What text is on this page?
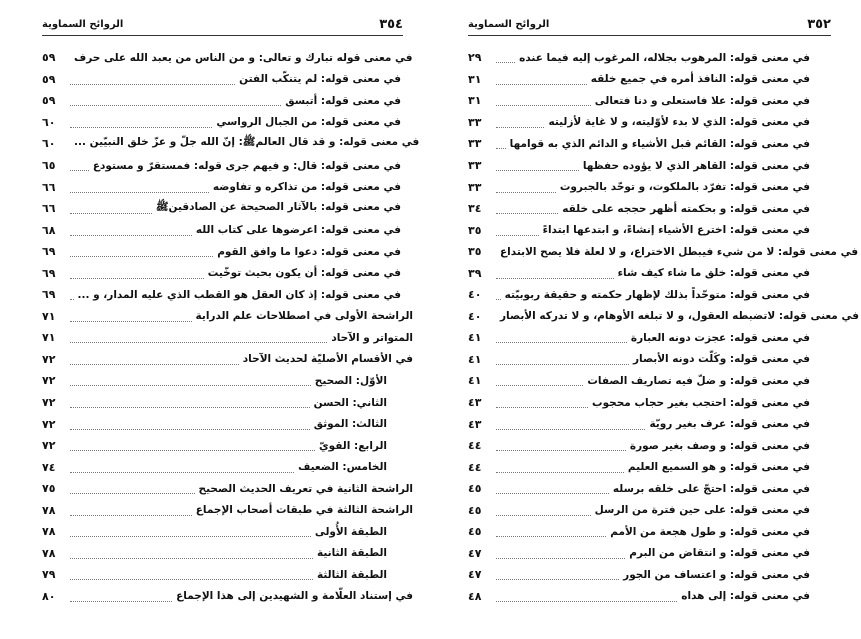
الروائح السماوية	٣٥٤
٥٩	في معنى قوله تبارك و تعالى: و من الناس من يعبد الله على حرف
٥٩	في معنى قوله: لم يتنكّب الفتن
٥٩	في معنى قوله: أتبسق
٦٠	في معنى قوله: من الجبال الرواسي
٦٠	في معنى قوله: و قد قال العالمﷺ: إنّ الله جلّ و عزّ خلق النبيّين ...
٦٥	في معنى قوله: قال: و فيهم جرى قوله: فمستقرّ و مستودع
٦٦	في معنى قوله: من تذاكره و تفاوضه
٦٦	في معنى قوله: بالآثار الصحيحة عن الصادقينﷺ
٦٨	في معنى قوله: اعرضوها على كتاب الله
٦٩	في معنى قوله: دعوا ما وافق القوم
٦٩	في معنى قوله: أن يكون بحيث توخّيت
٦٩	في معنى قوله: إذ كان العقل هو القطب الذي عليه المدار، و ...
٧١	الراشحة الأولى في اصطلاحات علم الدراية
٧١	المتواتر و الآحاد
٧٢	في الأقسام الأصليّة لحديث الآحاد
٧٢	الأوّل: الصحيح
٧٢	الثاني: الحسن
٧٢	الثالث: الموثق
٧٢	الرابع: القويّ
٧٤	الخامس: الضعيف
٧٥	الراشحة الثانية في تعريف الحديث الصحيح
٧٨	الراشحة الثالثة في طبقات أصحاب الإجماع
٧٨	الطبقة الأُولى
٧٨	الطبقة الثانية
٧٩	الطبقة الثالثة
٨٠	في إستناد العلّامة و الشهيدين إلى هذا الإجماع
الروائح السماوية	٣٥٢
٢٩	في معنى قوله: المرهوب بجلاله، المرغوب إليه فيما عنده
٣١	في معنى قوله: النافذ أمره في جميع خلقه
٣١	في معنى قوله: علا فاستعلى و دنا فتعالى
٣٣	في معنى قوله: الذي لا بدء لأوّليته، و لا غاية لأزليته
٣٣	في معنى قوله: القائم قبل الأشياء و الدائم الذي به قوامها
٣٣	في معنى قوله: القاهر الذي لا يؤوده حفظها
٣٣	في معنى قوله: تفرّد بالملكوت، و توحّد بالجبروت
٣٤	في معنى قوله: و بحكمته أظهر حججه على خلقه
٣٥	في معنى قوله: اخترع الأشياء إنشاءً، و ابتدعها ابتداءً
٣٥	في معنى قوله: لا من شيء فيبطل الاختراع، و لا لعلة فلا يصح الابتداع
٣٩	في معنى قوله: خلق ما شاء كيف شاء
٤٠	في معنى قوله: متوحّداً بذلك لإظهار حكمته و حقيقة ربوبيّته
٤٠	في معنى قوله: لاتضبطه العقول، و لا تبلغه الأوهام، و لا تدركه الأبصار
٤١	في معنى قوله: عجزت دونه العبارة
٤١	في معنى قوله: وكَلّت دونه الأبصار
٤١	في معنى قوله: و ضلّ فيه تصاريف الصفات
٤٣	في معنى قوله: احتجب بغير حجاب محجوب
٤٣	في معنى قوله: عرف بغير رويّة
٤٤	في معنى قوله: و وصف بغير صورة
٤٤	في معنى قوله: و هو السميع العليم
٤٥	في معنى قوله: احتجّ على خلقه برسله
٤٥	في معنى قوله: على حين فترة من الرسل
٤٥	في معنى قوله: و طول هجعة من الأمم
٤٧	في معنى قوله: و انتقاض من البرم
٤٧	في معنى قوله: و اعتساف من الجور
٤٨	في معنى قوله: إلى هداه
